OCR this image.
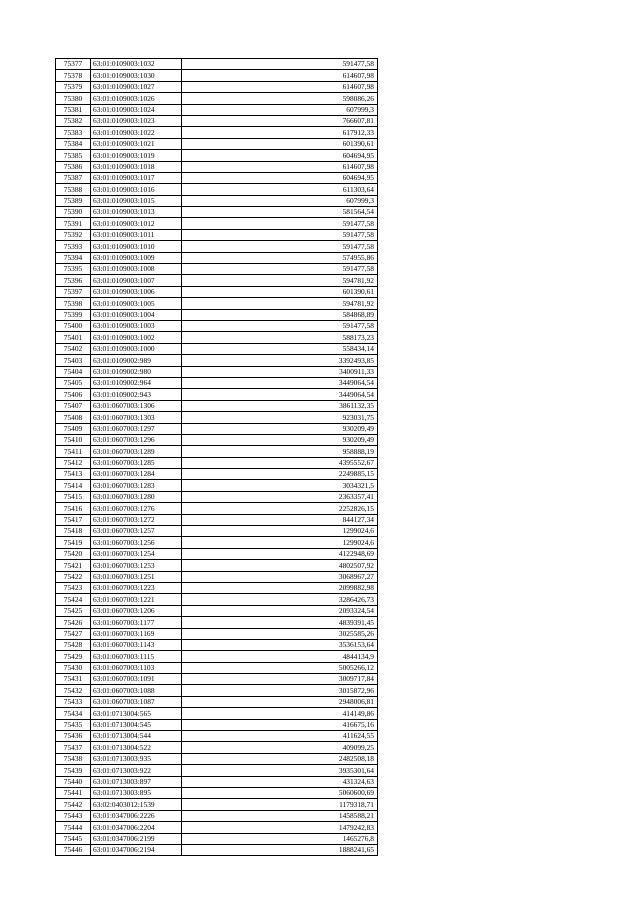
75377	63:01:0109003:1032	591477,58
75378	63:01:0109003:1030	614607,98
75379	63:01:0109003:1027	614607,98
75380	63:01:0109003:1026	598086,26
75381	63:01:0109003:1024	607999,3
75382	63:01:0109003:1023	766607,81
75383	63:01:0109003:1022	617912,33
75384	63:01:0109003:1021	601390,61
75385	63:01:0109003:1019	604694,95
75386	63:01:0109003:1018	614607,98
75387	63:01:0109003:1017	604694,95
75388	63:01:0109003:1016	611303,64
75389	63:01:0109003:1015	607999,3
75390	63:01:0109003:1013	581564,54
75391	63:01:0109003:1012	591477,58
75392	63:01:0109003:1011	591477,58
75393	63:01:0109003:1010	591477,58
75394	63:01:0109003:1009	574955,86
75395	63:01:0109003:1008	591477,58
75396	63:01:0109003:1007	594781,92
75397	63:01:0109003:1006	601390,61
75398	63:01:0109003:1005	594781,92
75399	63:01:0109003:1004	584868,89
75400	63:01:0109003:1003	591477,58
75401	63:01:0109003:1002	588173,23
75402	63:01:0109003:1000	558434,14
75403	63:01:0109002:989	3392493,85
75404	63:01:0109002:980	3400911,33
75405	63:01:0109002:964	3449064,54
75406	63:01:0109002:943	3449064,54
75407	63:01:0607003:1306	3861132,35
75408	63:01:0607003:1303	923031,75
75409	63:01:0607003:1297	930209,49
75410	63:01:0607003:1296	930209,49
75411	63:01:0607003:1289	958888,19
75412	63:01:0607003:1285	4395552,67
75413	63:01:0607003:1284	2249885,15
75414	63:01:0607003:1283	3034321,5
75415	63:01:0607003:1280	2363357,41
75416	63:01:0607003:1276	2252826,15
75417	63:01:0607003:1272	844127,34
75418	63:01:0607003:1257	1299024,6
75419	63:01:0607003:1256	1299024,6
75420	63:01:0607003:1254	4122948,69
75421	63:01:0607003:1253	4802507,92
75422	63:01:0607003:1251	3068967,27
75423	63:01:0607003:1223	2099882,98
75424	63:01:0607003:1221	3286426,73
75425	63:01:0607003:1206	2093324,54
75426	63:01:0607003:1177	4839391,45
75427	63:01:0607003:1169	3025585,26
75428	63:01:0607003:1143	3536153,64
75429	63:01:0607003:1115	4844134,9
75430	63:01:0607003:1103	5005266,12
75431	63:01:0607003:1091	3009717,84
75432	63:01:0607003:1088	3015872,96
75433	63:01:0607003:1087	2948006,81
75434	63:01:0713004:565	414149,86
75435	63:01:0713004:545	416675,16
75436	63:01:0713004:544	411624,55
75437	63:01:0713004:522	409099,25
75438	63:01:0713003:935	2482508,18
75439	63:01:0713003:922	3935301,64
75440	63:01:0713003:897	431324,63
75441	63:01:0713003:895	5060600,69
75442	63:02:0403012:1539	1179318,71
75443	63:01:0347006:2226	1458588,21
75444	63:01:0347006:2204	1479242,83
75445	63:01:0347006:2199	1465276,8
75446	63:01:0347006:2194	1888241,65
